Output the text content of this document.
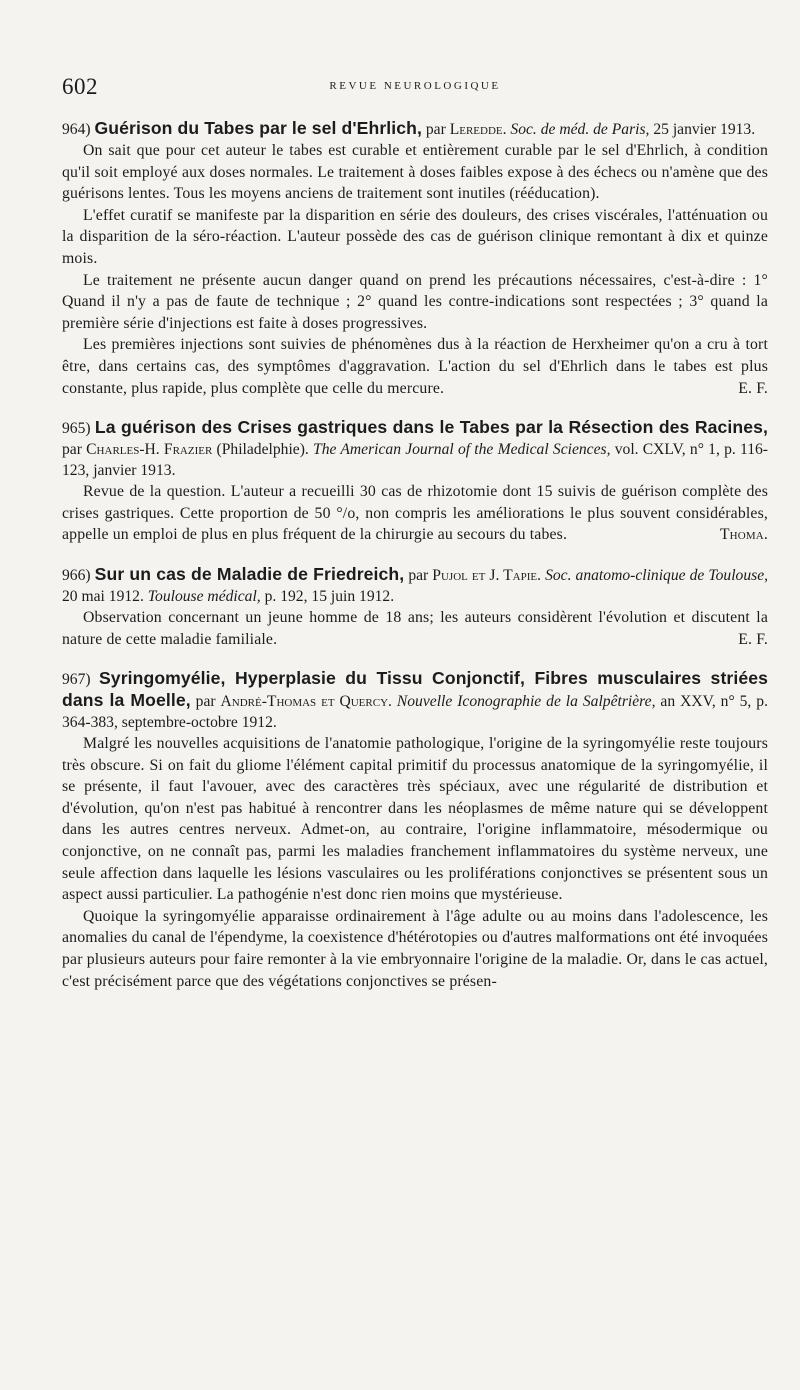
602	REVUE NEUROLOGIQUE
964) Guérison du Tabes par le sel d'Ehrlich, par Leredde. Soc. de méd. de Paris, 25 janvier 1913.

On sait que pour cet auteur le tabes est curable et entièrement curable par le sel d'Ehrlich, à condition qu'il soit employé aux doses normales. Le traitement à doses faibles expose à des échecs ou n'amène que des guérisons lentes. Tous les moyens anciens de traitement sont inutiles (rééducation).

L'effet curatif se manifeste par la disparition en série des douleurs, des crises viscérales, l'atténuation ou la disparition de la séro-réaction. L'auteur possède des cas de guérison clinique remontant à dix et quinze mois.

Le traitement ne présente aucun danger quand on prend les précautions nécessaires, c'est-à-dire : 1° Quand il n'y a pas de faute de technique ; 2° quand les contre-indications sont respectées ; 3° quand la première série d'injections est faite à doses progressives.

Les premières injections sont suivies de phénomènes dus à la réaction de Herxheimer qu'on a cru à tort être, dans certains cas, des symptômes d'aggravation. L'action du sel d'Ehrlich dans le tabes est plus constante, plus rapide, plus complète que celle du mercure.	E. F.

965) La guérison des Crises gastriques dans le Tabes par la Résection des Racines, par Charles-H. Frazier (Philadelphie). The American Journal of the Medical Sciences, vol. CXLV, n° 1, p. 116-123, janvier 1913.

Revue de la question. L'auteur a recueilli 30 cas de rhizotomie dont 15 suivis de guérison complète des crises gastriques. Cette proportion de 50 °/o, non compris les améliorations le plus souvent considérables, appelle un emploi de plus en plus fréquent de la chirurgie au secours du tabes.	Thoma.

966) Sur un cas de Maladie de Friedreich, par Pujol et J. Tapie. Soc. anatomo-clinique de Toulouse, 20 mai 1912. Toulouse médical, p. 192, 15 juin 1912.

Observation concernant un jeune homme de 18 ans; les auteurs considèrent l'évolution et discutent la nature de cette maladie familiale.	E. F.

967) Syringomyélie, Hyperplasie du Tissu Conjonctif, Fibres musculaires striées dans la Moelle, par André-Thomas et Quercy. Nouvelle Iconographie de la Salpêtrière, an XXV, n° 5, p. 364-383, septembre-octobre 1912.

Malgré les nouvelles acquisitions de l'anatomie pathologique, l'origine de la syringomyélie reste toujours très obscure. Si on fait du gliome l'élément capital primitif du processus anatomique de la syringomyélie, il se présente, il faut l'avouer, avec des caractères très spéciaux, avec une régularité de distribution et d'évolution, qu'on n'est pas habitué à rencontrer dans les néoplasmes de même nature qui se développent dans les autres centres nerveux. Admet-on, au contraire, l'origine inflammatoire, mésodermique ou conjonctive, on ne connaît pas, parmi les maladies franchement inflammatoires du système nerveux, une seule affection dans laquelle les lésions vasculaires ou les proliférations conjonctives se présentent sous un aspect aussi particulier. La pathogénie n'est donc rien moins que mystérieuse.

Quoique la syringomyélie apparaisse ordinairement à l'âge adulte ou au moins dans l'adolescence, les anomalies du canal de l'épendyme, la coexistence d'hétérotopies ou d'autres malformations ont été invoquées par plusieurs auteurs pour faire remonter à la vie embryonnaire l'origine de la maladie. Or, dans le cas actuel, c'est précisément parce que des végétations conjonctives se présen-
